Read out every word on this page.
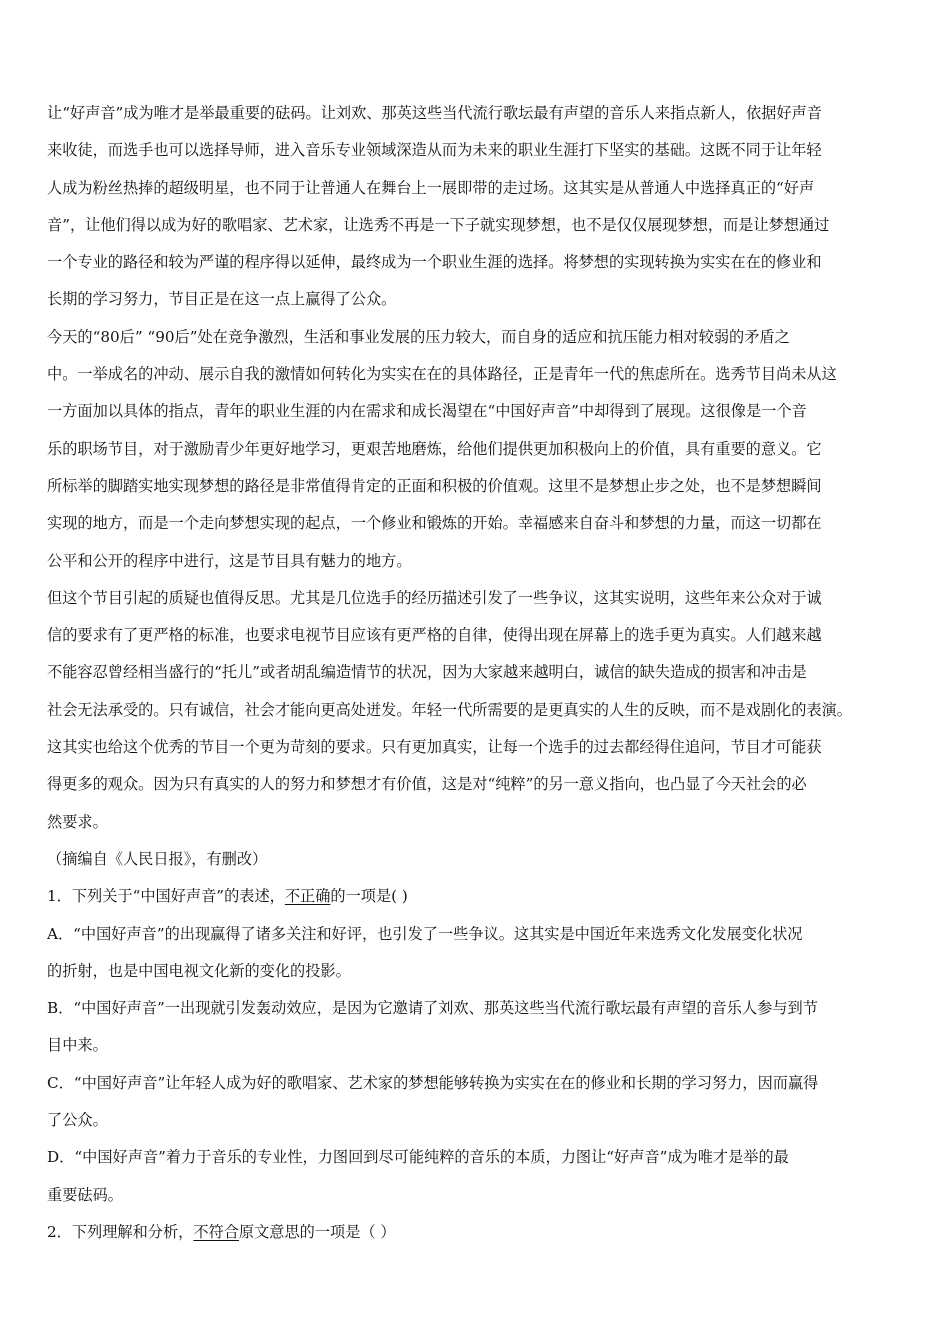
让“好声音”成为唯才是举最重要的砝码。让刘欢、那英这些当代流行歌坛最有声望的音乐人来指点新人，依据好声音
来收徒，而选手也可以选择导师，进入音乐专业领域深造从而为未来的职业生涯打下坚实的基础。这既不同于让年轻
人成为粉丝热捧的超级明星，也不同于让普通人在舞台上一展即带的走过场。这其实是从普通人中选择真正的“好声
音”，让他们得以成为好的歌唱家、艺术家，让选秀不再是一下子就实现梦想，也不是仅仅展现梦想，而是让梦想通过
一个专业的路径和较为严谨的程序得以延伸，最终成为一个职业生涯的选择。将梦想的实现转换为实实在在的修业和
长期的学习努力，节目正是在这一点上赢得了公众。
今天的“80后” “90后”处在竞争激烈，生活和事业发展的压力较大，而自身的适应和抗压能力相对较弱的矛盾之
中。一举成名的冲动、展示自我的激情如何转化为实实在在的具体路径，正是青年一代的焦虑所在。选秀节目尚未从这
一方面加以具体的指点，青年的职业生涯的内在需求和成长渴望在“中国好声音”中却得到了展现。这很像是一个音
乐的职场节目，对于激励青少年更好地学习，更艰苦地磨炼，给他们提供更加积极向上的价值，具有重要的意义。它
所标举的脚踏实地实现梦想的路径是非常值得肯定的正面和积极的价值观。这里不是梦想止步之处，也不是梦想瞬间
实现的地方，而是一个走向梦想实现的起点，一个修业和锻炼的开始。幸福感来自奋斗和梦想的力量，而这一切都在
公平和公开的程序中进行，这是节目具有魅力的地方。
但这个节目引起的质疑也值得反思。尤其是几位选手的经历描述引发了一些争议，这其实说明，这些年来公众对于诚
信的要求有了更严格的标准，也要求电视节目应该有更严格的自律，使得出现在屏幕上的选手更为真实。人们越来越
不能容忍曾经相当盛行的“托儿”或者胡乱编造情节的状况，因为大家越来越明白，诚信的缺失造成的损害和冲击是
社会无法承受的。只有诚信，社会才能向更高处迸发。年轻一代所需要的是更真实的人生的反映，而不是戏剧化的表演。
这其实也给这个优秀的节目一个更为苛刻的要求。只有更加真实，让每一个选手的过去都经得住追问，节目才可能获
得更多的观众。因为只有真实的人的努力和梦想才有价值，这是对“纯粹”的另一意义指向，也凸显了今天社会的必
然要求。
（摘编自《人民日报》，有删改）
1．下列关于“中国好声音”的表述，不正确的一项是( )
A．“中国好声音”的出现赢得了诸多关注和好评，也引发了一些争议。这其实是中国近年来选秀文化发展变化状况
的折射，也是中国电视文化新的变化的投影。
B．“中国好声音”一出现就引发轰动效应，是因为它邀请了刘欢、那英这些当代流行歌坛最有声望的音乐人参与到节
目中来。
C．“中国好声音”让年轻人成为好的歌唱家、艺术家的梦想能够转换为实实在在的修业和长期的学习努力，因而赢得
了公众。
D．“中国好声音”着力于音乐的专业性，力图回到尽可能纯粹的音乐的本质，力图让“好声音”成为唯才是举的最
重要砝码。
2．下列理解和分析，不符合原文意思的一项是（ ）
